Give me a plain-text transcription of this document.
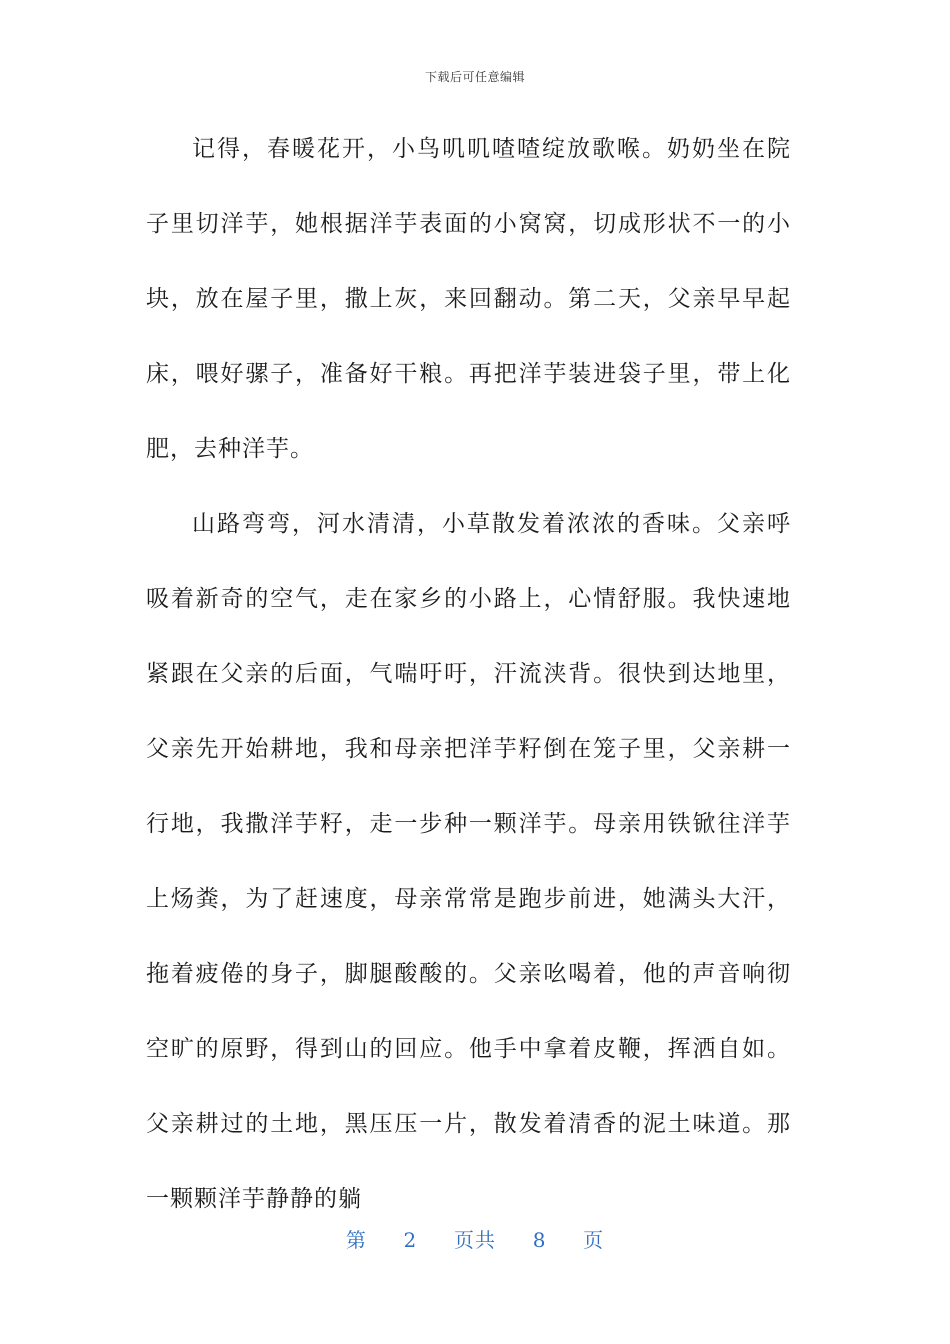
下载后可任意编辑

记得，春暖花开，小鸟叽叽喳喳绽放歌喉。奶奶坐在院子里切洋芋，她根据洋芋表面的小窝窝，切成形状不一的小块，放在屋子里，撒上灰，来回翻动。第二天，父亲早早起床，喂好骡子，准备好干粮。再把洋芋装进袋子里，带上化肥，去种洋芋。

山路弯弯，河水清清，小草散发着浓浓的香味。父亲呼吸着新奇的空气，走在家乡的小路上，心情舒服。我快速地紧跟在父亲的后面，气喘吁吁，汗流浃背。很快到达地里，父亲先开始耕地，我和母亲把洋芋籽倒在笼子里，父亲耕一行地，我撒洋芋籽，走一步种一颗洋芋。母亲用铁锨往洋芋上炀粪，为了赶速度，母亲常常是跑步前进，她满头大汗，拖着疲倦的身子，脚腿酸酸的。父亲吆喝着，他的声音响彻空旷的原野，得到山的回应。他手中拿着皮鞭，挥洒自如。父亲耕过的土地，黑压压一片，散发着清香的泥土味道。那一颗颗洋芋静静的躺

第 2 页共 8 页
